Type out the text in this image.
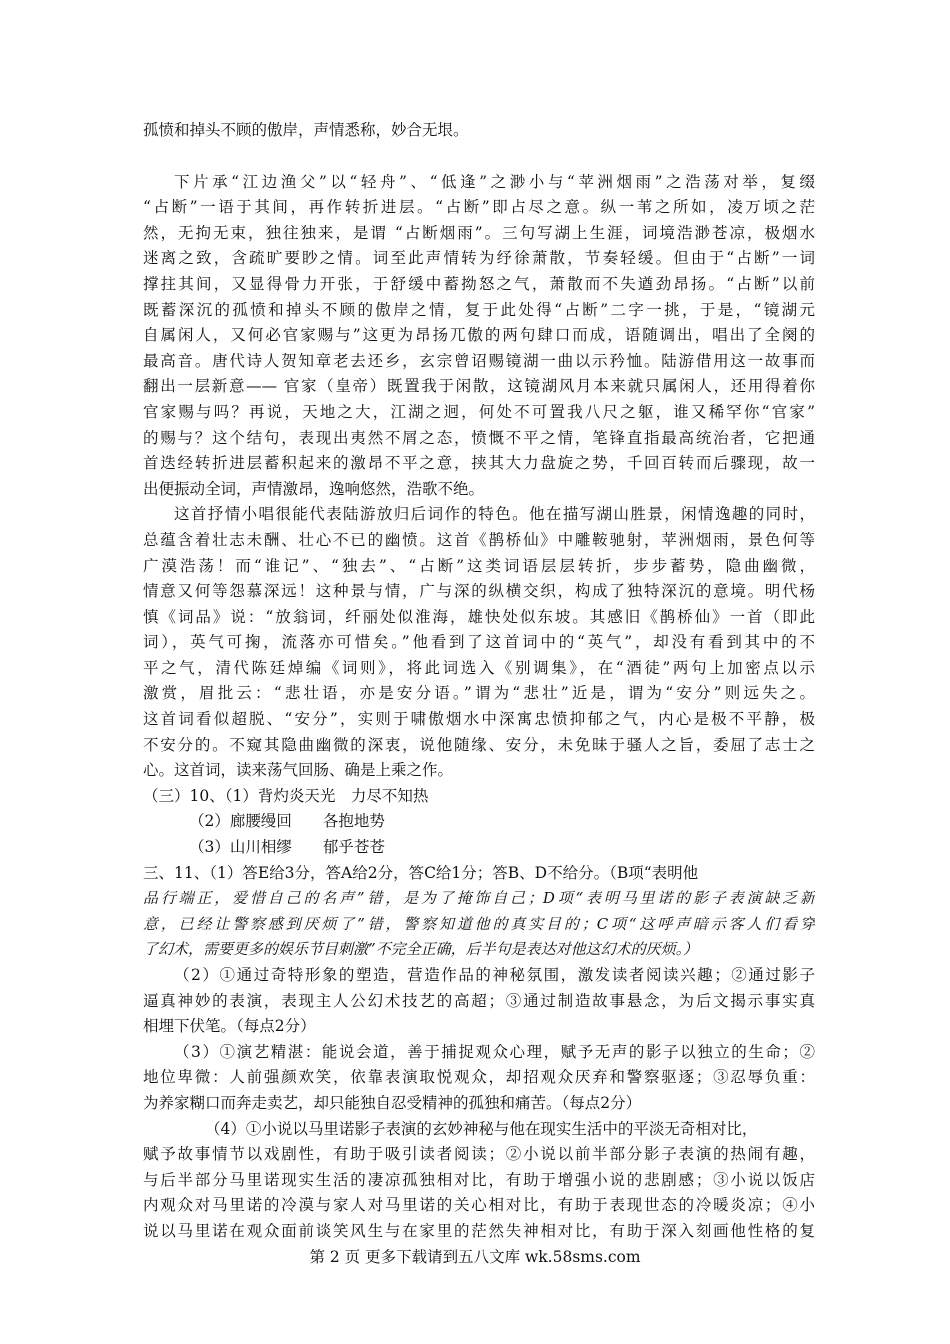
孤愤和掉头不顾的傲岸，声情悉称，妙合无垠。
下片承“江边渔父”以“轻舟”、“低逢”之渺小与“苹洲烟雨”之浩荡对举，复缀
“占断”一语于其间，再作转折进层。“占断”即占尽之意。纵一苇之所如，凌万顷之茫
然，无拘无束，独往独来，是谓 “占断烟雨”。三句写湖上生涯，词境浩渺苍凉，极烟水
迷离之致，含疏旷要眇之情。词至此声情转为纾徐萧散，节奏轻缓。但由于“占断”一词
撑拄其间，又显得骨力开张，于舒缓中蓄拗怒之气，萧散而不失遒劲昂扬。“占断”以前
既蓄深沉的孤愤和掉头不顾的傲岸之情，复于此处得“占断”二字一挑，于是，“镜湖元
自属闲人，又何必官家赐与”这更为昂扬兀傲的两句肆口而成，语随调出，唱出了全阕的
最高音。唐代诗人贺知章老去还乡，玄宗曾诏赐镜湖一曲以示矜恤。陆游借用这一故事而
翻出一层新意—— 官家（皇帝）既置我于闲散，这镜湖风月本来就只属闲人，还用得着你
官家赐与吗？再说，天地之大，江湖之迥，何处不可置我八尺之躯，谁又稀罕你“官家”
的赐与？这个结句，表现出夷然不屑之态，愤慨不平之情，笔锋直指最高统治者，它把通
首迭经转折进层蓄积起来的激昂不平之意，挟其大力盘旋之势，千回百转而后骤现，故一
出便振动全词，声情激昂，逸响悠然，浩歌不绝。
这首抒情小唱很能代表陆游放归后词作的特色。他在描写湖山胜景，闲情逸趣的同时，
总蕴含着壮志未酬、壮心不已的幽愤。这首《鹊桥仙》中雕鞍驰射，苹洲烟雨，景色何等
广漠浩荡！而“谁记”、“独去”、“占断”这类词语层层转折，步步蓄势，隐曲幽微，
情意又何等怨慕深远！这种景与情，广与深的纵横交织，构成了独特深沉的意境。明代杨
慎《词品》说：“放翁词，纤丽处似淮海，雄快处似东坡。其感旧《鹊桥仙》一首（即此
词），英气可掬，流落亦可惜矣。”他看到了这首词中的“英气”，却没有看到其中的不
平之气，清代陈廷焯编《词则》，将此词选入《别调集》，在“酒徒”两句上加密点以示
激赏，眉批云：“悲壮语，亦是安分语。”谓为“悲壮”近是，谓为“安分”则远失之。
这首词看似超脱、“安分”，实则于啸傲烟水中深寓忠愤抑郁之气，内心是极不平静，极
不安分的。不窥其隐曲幽微的深衷，说他随缘、安分，未免昧于骚人之旨，委屈了志士之
心。这首词，读来荡气回肠、确是上乘之作。
（三）10、（1）背灼炎天光　力尽不知热
（2）廊腰缦回　　各抱地势
（3）山川相缪　　郁乎苍苍
三、11、（1）答E给3分，答A给2分，答C给1分；答B、D不给分。（B项“表明他
品行端正，爱惜自己的名声”错，是为了掩饰自己；D项“表明马里诺的影子表演缺乏新
意，已经让警察感到厌烦了”错，警察知道他的真实目的；C项“这呼声暗示客人们看穿
了幻术，需要更多的娱乐节目刺激”不完全正确，后半句是表达对他这幻术的厌烦。）
（2）①通过奇特形象的塑造，营造作品的神秘氛围，激发读者阅读兴趣；②通过影子
逼真神妙的表演，表现主人公幻术技艺的高超；③通过制造故事悬念，为后文揭示事实真
相埋下伏笔。（每点2分）
（3）①演艺精湛：能说会道，善于捕捉观众心理，赋予无声的影子以独立的生命；②
地位卑微：人前强颜欢笑，依靠表演取悦观众，却招观众厌弃和警察驱逐；③忍辱负重：
为养家糊口而奔走卖艺，却只能独自忍受精神的孤独和痛苦。（每点2分）
（4）①小说以马里诺影子表演的玄妙神秘与他在现实生活中的平淡无奇相对比，
赋予故事情节以戏剧性，有助于吸引读者阅读；②小说以前半部分影子表演的热闹有趣，
与后半部分马里诺现实生活的凄凉孤独相对比，有助于增强小说的悲剧感；③小说以饭店
内观众对马里诺的冷漠与家人对马里诺的关心相对比，有助于表现世态的冷暖炎凉；④小
说以马里诺在观众面前谈笑风生与在家里的茫然失神相对比，有助于深入刻画他性格的复
第 2 页 更多下载请到五八文库 wk.58sms.com
